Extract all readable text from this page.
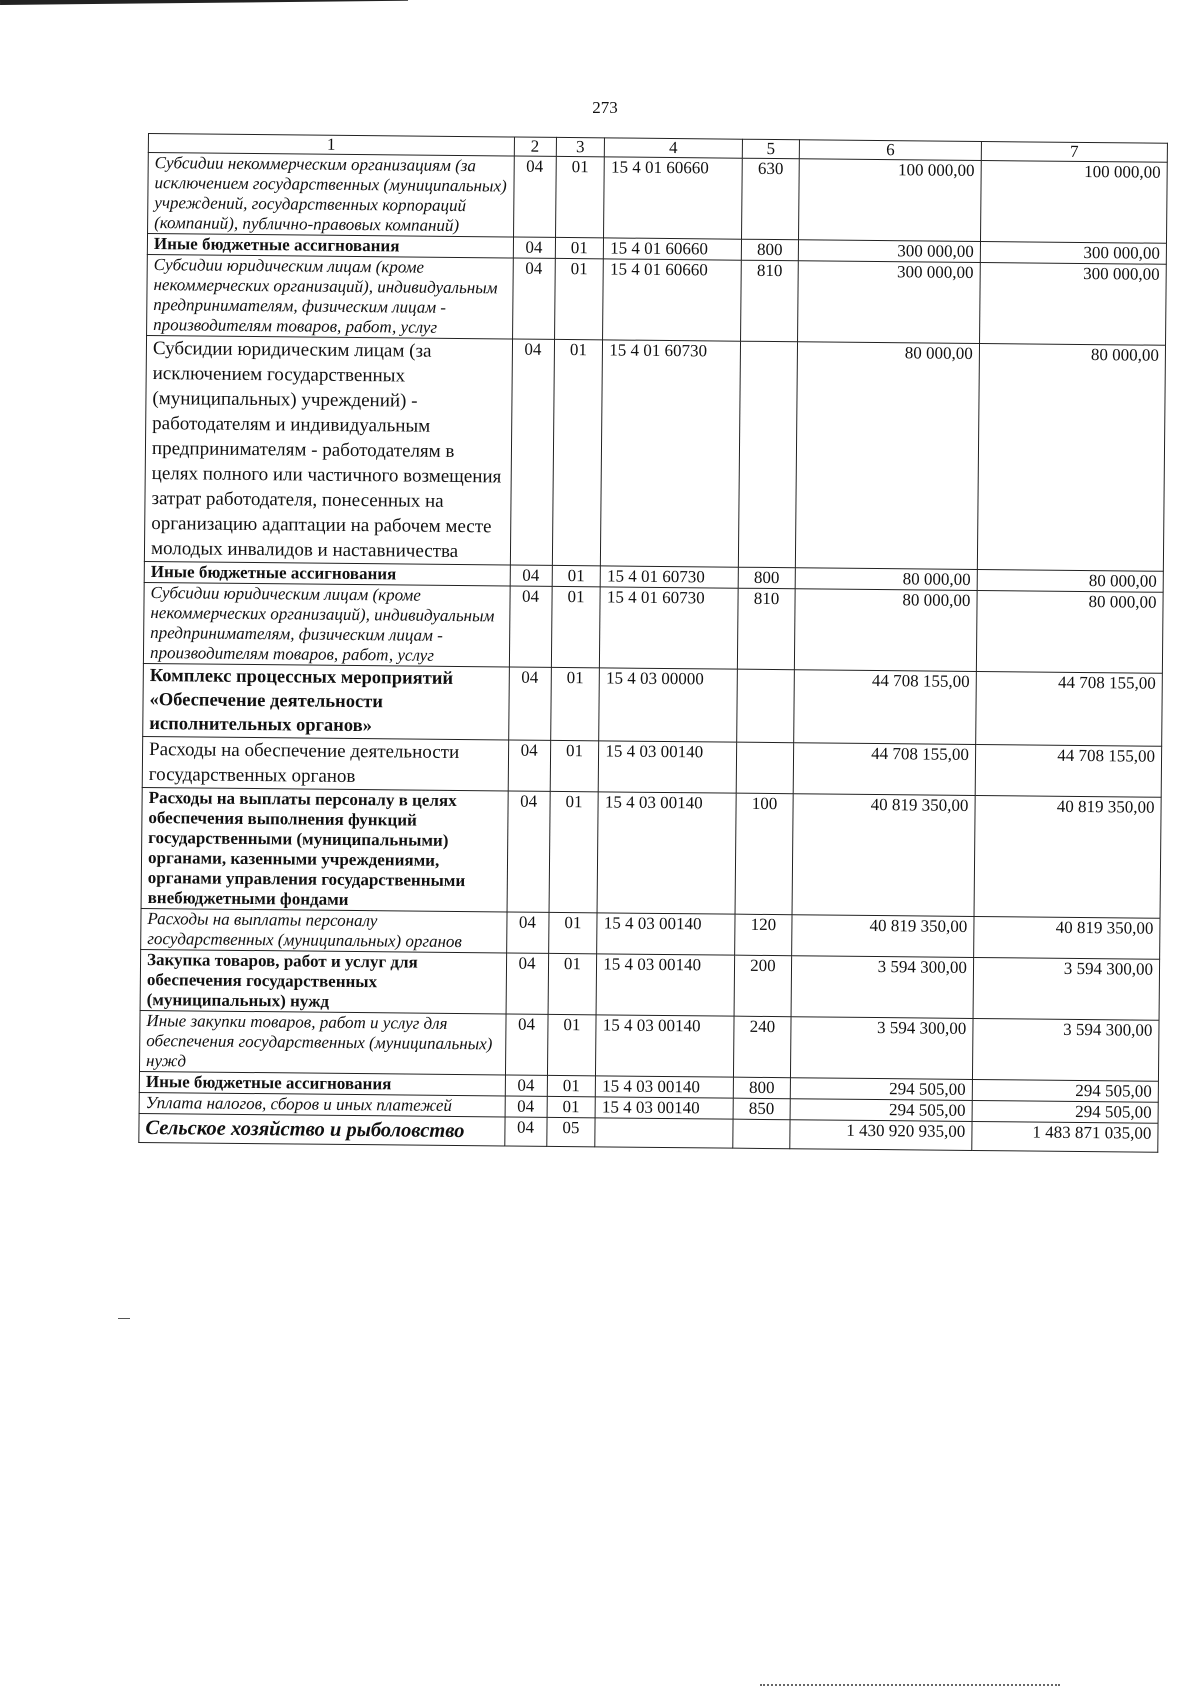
273
1	2	3	4	5	6	7
Субсидии некоммерческим организациям (за исключением государственных (муниципальных) учреждений, государственных корпораций (компаний), публично-правовых компаний)	04	01	15 4 01 60660	630	100 000,00	100 000,00
Иные бюджетные ассигнования	04	01	15 4 01 60660	800	300 000,00	300 000,00
Субсидии юридическим лицам (кроме некоммерческих организаций), индивидуальным предпринимателям, физическим лицам - производителям товаров, работ, услуг	04	01	15 4 01 60660	810	300 000,00	300 000,00
Субсидии юридическим лицам (за исключением государственных (муниципальных) учреждений) - работодателям и индивидуальным предпринимателям - работодателям в целях полного или частичного возмещения затрат работодателя, понесенных на организацию адаптации на рабочем месте молодых инвалидов и наставничества	04	01	15 4 01 60730		80 000,00	80 000,00
Иные бюджетные ассигнования	04	01	15 4 01 60730	800	80 000,00	80 000,00
Субсидии юридическим лицам (кроме некоммерческих организаций), индивидуальным предпринимателям, физическим лицам - производителям товаров, работ, услуг	04	01	15 4 01 60730	810	80 000,00	80 000,00
Комплекс процессных мероприятий «Обеспечение деятельности исполнительных органов»	04	01	15 4 03 00000		44 708 155,00	44 708 155,00
Расходы на обеспечение деятельности государственных органов	04	01	15 4 03 00140		44 708 155,00	44 708 155,00
Расходы на выплаты персоналу в целях обеспечения выполнения функций государственными (муниципальными) органами, казенными учреждениями, органами управления государственными внебюджетными фондами	04	01	15 4 03 00140	100	40 819 350,00	40 819 350,00
Расходы на выплаты персоналу государственных (муниципальных) органов	04	01	15 4 03 00140	120	40 819 350,00	40 819 350,00
Закупка товаров, работ и услуг для обеспечения государственных (муниципальных) нужд	04	01	15 4 03 00140	200	3 594 300,00	3 594 300,00
Иные закупки товаров, работ и услуг для обеспечения государственных (муниципальных) нужд	04	01	15 4 03 00140	240	3 594 300,00	3 594 300,00
Иные бюджетные ассигнования	04	01	15 4 03 00140	800	294 505,00	294 505,00
Уплата налогов, сборов и иных платежей	04	01	15 4 03 00140	850	294 505,00	294 505,00
Сельское хозяйство и рыболовство	04	05			1 430 920 935,00	1 483 871 035,00
